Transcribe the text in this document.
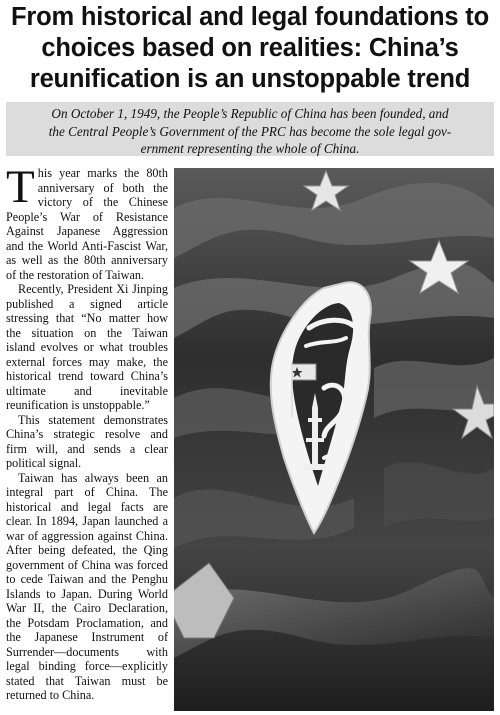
From historical and legal foundations to
choices based on realities: China’s
reunification is an unstoppable trend
On October 1, 1949, the People’s Republic of China has been founded, and
the Central People’s Government of the PRC has become the sole legal gov-
ernment representing the whole of China.

This year marks the 80th anniversary of both the victory of the Chinese People’s War of Resistance Against Japanese Aggression and the World Anti-Fascist War, as well as the 80th anniversary of the restoration of Taiwan.

Recently, President Xi Jinping published a signed article stressing that “No matter how the situation on the Taiwan island evolves or what troubles external forces may make, the historical trend toward China’s ultimate and inevitable reunification is unstoppable.”

This statement demonstrates China’s strategic resolve and firm will, and sends a clear political signal.

Taiwan has always been an integral part of China. The historical and legal facts are clear. In 1894, Japan launched a war of aggression against China. After being defeated, the Qing government of China was forced to cede Taiwan and the Penghu Islands to Japan. During World War II, the Cairo Declaration, the Potsdam Proclamation, and the Japanese Instrument of Surrender—documents with legal binding force—explicitly stated that Taiwan must be returned to China.
